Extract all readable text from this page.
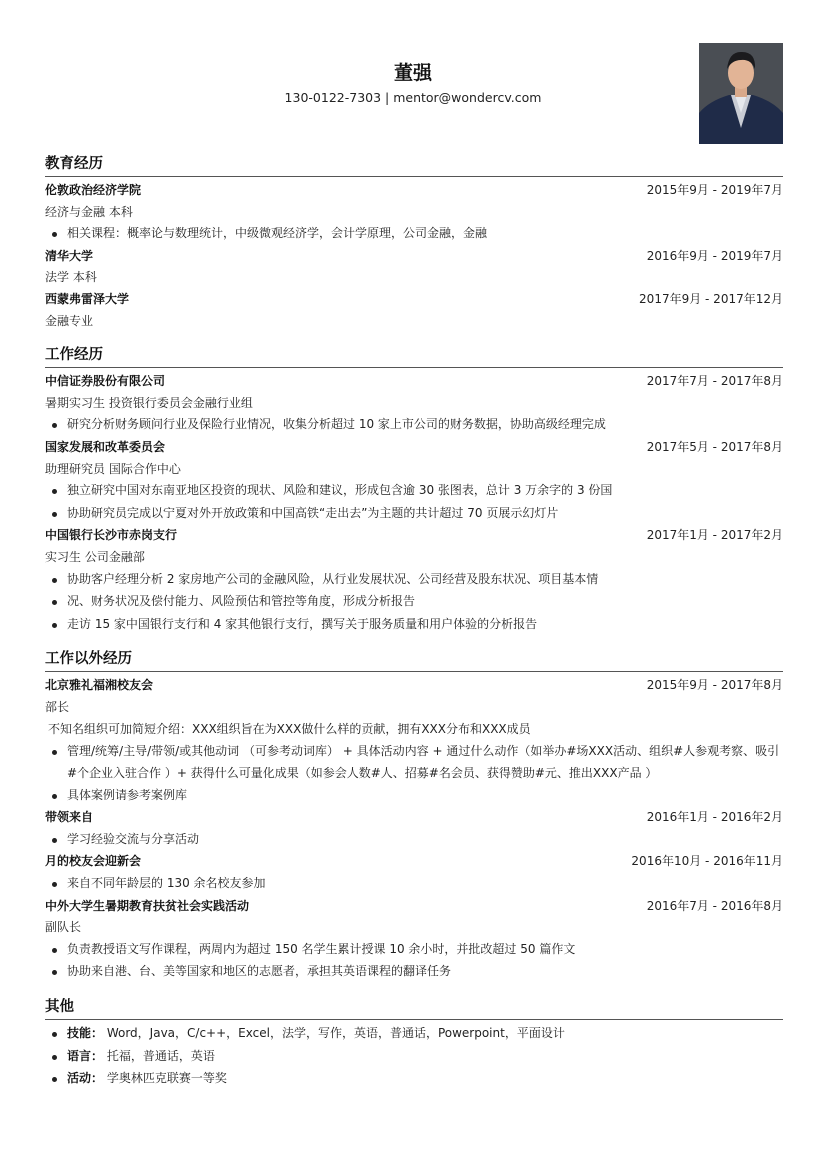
董强
130-0122-7303 | mentor@wondercv.com
教育经历
伦敦政治经济学院	2015年9月 - 2019年7月
经济与金融 本科
相关课程：概率论与数理统计，中级微观经济学，会计学原理，公司金融，金融
清华大学	2016年9月 - 2019年7月
法学 本科
西蒙弗雷泽大学	2017年9月 - 2017年12月
金融专业
工作经历
中信证券股份有限公司	2017年7月 - 2017年8月
暑期实习生 投资银行委员会金融行业组
研究分析财务顾问行业及保险行业情况，收集分析超过 10 家上市公司的财务数据，协助高级经理完成
国家发展和改革委员会	2017年5月 - 2017年8月
助理研究员 国际合作中心
独立研究中国对东南亚地区投资的现状、风险和建议，形成包含逾 30 张图表，总计 3 万余字的 3 份国
协助研究员完成以宁夏对外开放政策和中国高铁“走出去”为主题的共计超过 70 页展示幻灯片
中国银行长沙市赤岗支行	2017年1月 - 2017年2月
实习生 公司金融部
协助客户经理分析 2 家房地产公司的金融风险，从行业发展状况、公司经营及股东状况、项目基本情
况、财务状况及偿付能力、风险预估和管控等角度，形成分析报告
走访 15 家中国银行支行和 4 家其他银行支行，撰写关于服务质量和用户体验的分析报告
工作以外经历
北京雅礼福湘校友会	2015年9月 - 2017年8月
部长
不知名组织可加简短介绍：XXX组织旨在为XXX做什么样的贡献，拥有XXX分布和XXX成员
管理/统筹/主导/带领/或其他动词 （可参考动词库） + 具体活动内容 + 通过什么动作（如举办#场XXX活动、组织#人参观考察、吸引#个企业入驻合作 ）+ 获得什么可量化成果（如参会人数#人、招募#名会员、获得赞助#元、推出XXX产品 ）
具体案例请参考案例库
带领来自	2016年1月 - 2016年2月
学习经验交流与分享活动
月的校友会迎新会	2016年10月 - 2016年11月
来自不同年龄层的 130 余名校友参加
中外大学生暑期教育扶贫社会实践活动	2016年7月 - 2016年8月
副队长
负责教授语文写作课程，两周内为超过 150 名学生累计授课 10 余小时，并批改超过 50 篇作文
协助来自港、台、美等国家和地区的志愿者，承担其英语课程的翻译任务
其他
技能： Word，Java，C/c++，Excel，法学，写作，英语，普通话，Powerpoint，平面设计
语言： 托福，普通话，英语
活动： 学奥林匹克联赛一等奖
